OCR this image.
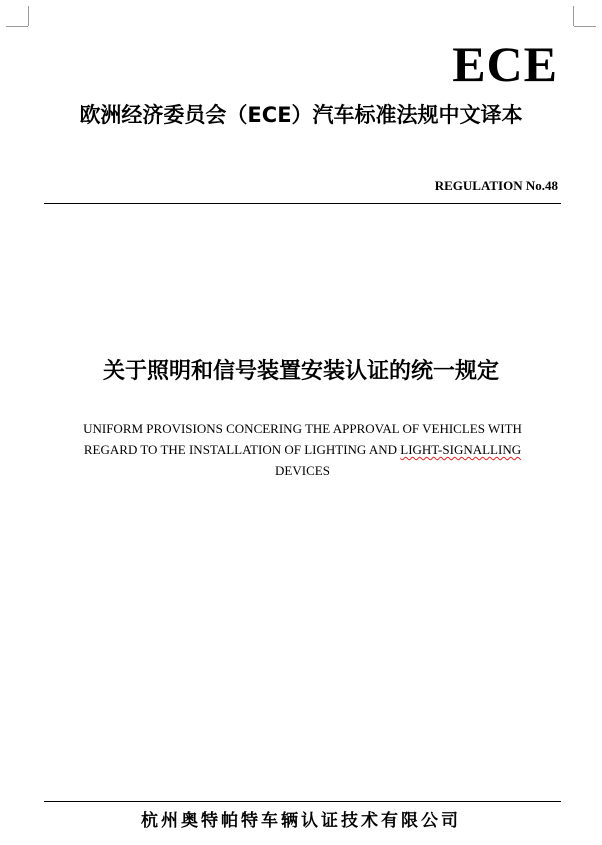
ECE
欧洲经济委员会（ECE）汽车标准法规中文译本
REGULATION No.48
关于照明和信号装置安装认证的统一规定
UNIFORM PROVISIONS CONCERING THE APPROVAL OF VEHICLES WITH
REGARD TO THE INSTALLATION OF LIGHTING AND LIGHT-SIGNALLING
DEVICES
杭州奥特帕特车辆认证技术有限公司
